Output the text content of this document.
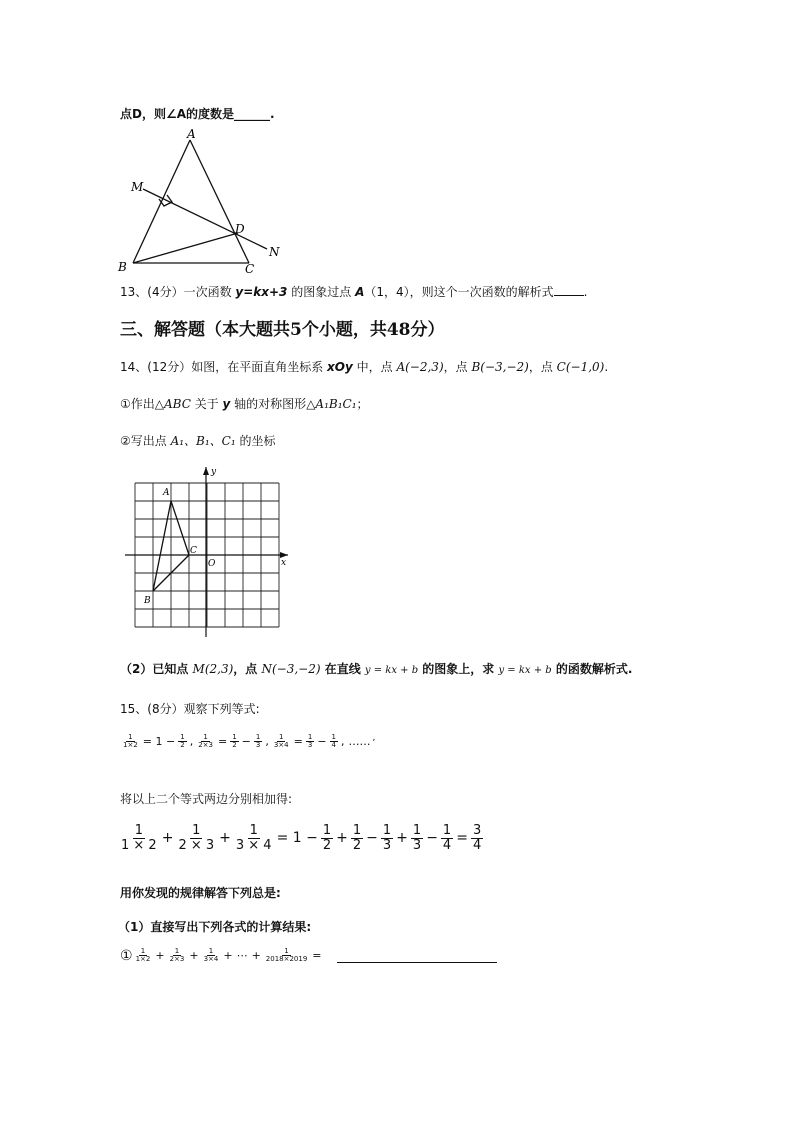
点D，则∠A的度数是______.
A
M
D
N
B	C
13、(4分）一次函数 y=kx+3 的图象过点 A（1，4），则这个一次函数的解析式	.
三、解答题（本大题共5个小题，共48分）
14、(12分）如图，在平面直角坐标系 xOy 中，点 A(−2,3)，点 B(−3,−2)，点 C(−1,0).
①作出△ABC 关于 y 轴的对称图形△A₁B₁C₁；
②写出点 A₁、B₁、C₁ 的坐标
y
x
O
A
B
C
（2）已知点 M(2,3)，点 N(−3,−2) 在直线 y = kx + b 的图象上，求 y = kx + b 的函数解析式.
15、(8分）观察下列等式:
$\frac{1}{1\times 2} = 1 - \frac{1}{2}$ , $\frac{1}{2\times 3} = \frac{1}{2} - \frac{1}{3}$ , $\frac{1}{3\times 4} = \frac{1}{3} - \frac{1}{4}$ , …… ,
将以上二个等式两边分别相加得:
$\frac{1}{1 \times 2} + \frac{1}{2 \times 3} + \frac{1}{3 \times 4} = 1 - \frac{1}{2} + \frac{1}{2} - \frac{1}{3} + \frac{1}{3} - \frac{1}{4} = \frac{3}{4}$
用你发现的规律解答下列总是:
（1）直接写出下列各式的计算结果:
① $\frac{1}{1\times 2} + \frac{1}{2\times 3} + \frac{1}{3\times 4}$ + ⋯ + $\frac{1}{2018\times 2019}$ =
